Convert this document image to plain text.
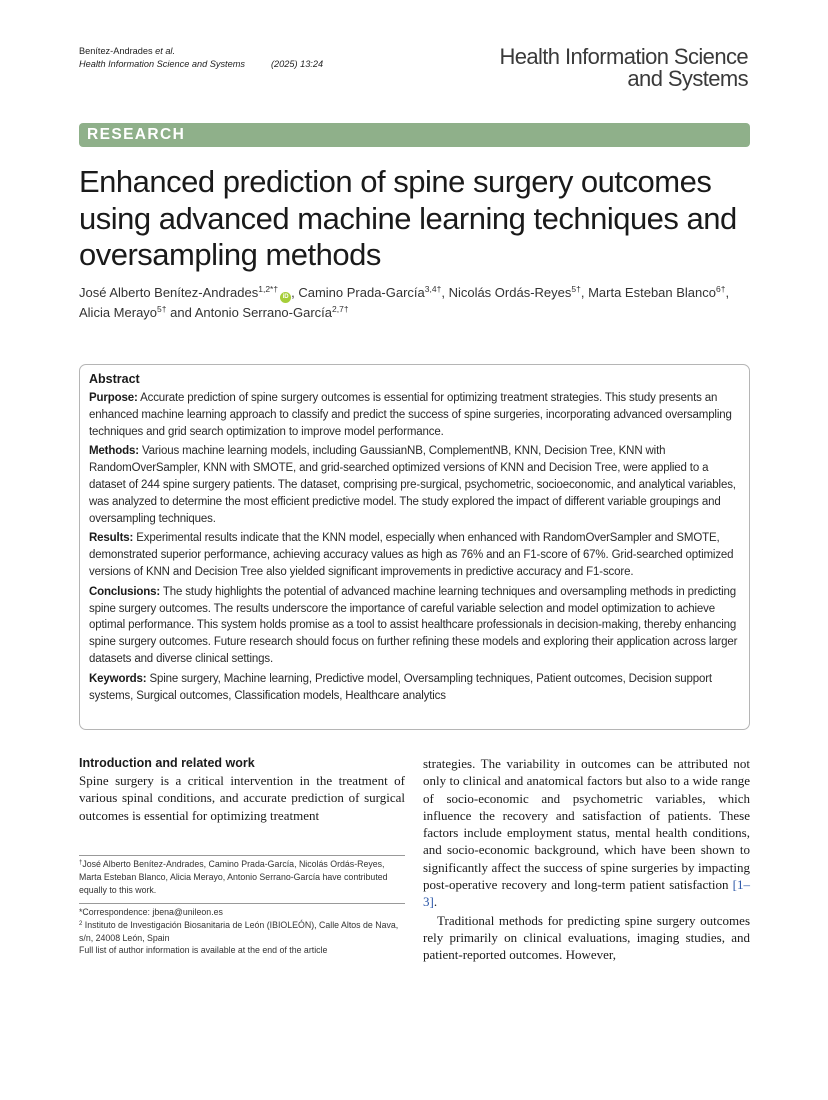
Benítez-Andrades et al.
Health Information Science and Systems	(2025) 13:24	Health Information Science
and Systems
RESEARCH
Enhanced prediction of spine surgery outcomes using advanced machine learning techniques and oversampling methods
José Alberto Benítez-Andrades$^{1,2*\dagger}$iD , Camino Prada-García$^{3,4\dagger}$, Nicolás Ordás-Reyes$^{5\dagger}$, Marta Esteban Blanco$^{6\dagger}$,
Alicia Merayo$^{5\dagger}$ and Antonio Serrano-García$^{2,7\dagger}$
Abstract

Purpose: Accurate prediction of spine surgery outcomes is essential for optimizing treatment strategies. This study presents an enhanced machine learning approach to classify and predict the success of spine surgeries, incorporating advanced oversampling techniques and grid search optimization to improve model performance.

Methods: Various machine learning models, including GaussianNB, ComplementNB, KNN, Decision Tree, KNN with RandomOverSampler, KNN with SMOTE, and grid-searched optimized versions of KNN and Decision Tree, were applied to a dataset of 244 spine surgery patients. The dataset, comprising pre-surgical, psychometric, socioeconomic, and analytical variables, was analyzed to determine the most efficient predictive model. The study explored the impact of different variable groupings and oversampling techniques.

Results: Experimental results indicate that the KNN model, especially when enhanced with RandomOverSampler and SMOTE, demonstrated superior performance, achieving accuracy values as high as 76% and an F1-score of 67%. Grid-searched optimized versions of KNN and Decision Tree also yielded significant improvements in predictive accuracy and F1-score.

Conclusions: The study highlights the potential of advanced machine learning techniques and oversampling methods in predicting spine surgery outcomes. The results underscore the importance of careful variable selection and model optimization to achieve optimal performance. This system holds promise as a tool to assist healthcare professionals in decision-making, thereby enhancing spine surgery outcomes. Future research should focus on further refining these models and exploring their application across larger datasets and diverse clinical settings.

Keywords: Spine surgery, Machine learning, Predictive model, Oversampling techniques, Patient outcomes, Decision support systems, Surgical outcomes, Classification models, Healthcare analytics

Introduction and related work

Spine surgery is a critical intervention in the treatment of various spinal conditions, and accurate prediction of surgical outcomes is essential for optimizing treatment

†José Alberto Benítez-Andrades, Camino Prada-García, Nicolás Ordás-Reyes, Marta Esteban Blanco, Alicia Merayo, Antonio Serrano-García have contributed equally to this work.
*Correspondence: jbena@unileon.es
$^2$ Instituto de Investigación Biosanitaria de León (IBIOLEÓN), Calle Altos de Nava, s/n, 24008 León, Spain
Full list of author information is available at the end of the article

strategies. The variability in outcomes can be attributed not only to clinical and anatomical factors but also to a wide range of socio-economic and psychometric variables, which influence the recovery and satisfaction of patients. These factors include employment status, mental health conditions, and socio-economic background, which have been shown to significantly affect the success of spine surgeries by impacting post-operative recovery and long-term patient satisfaction [1–3].

Traditional methods for predicting spine surgery outcomes rely primarily on clinical evaluations, imaging studies, and patient-reported outcomes. However,
